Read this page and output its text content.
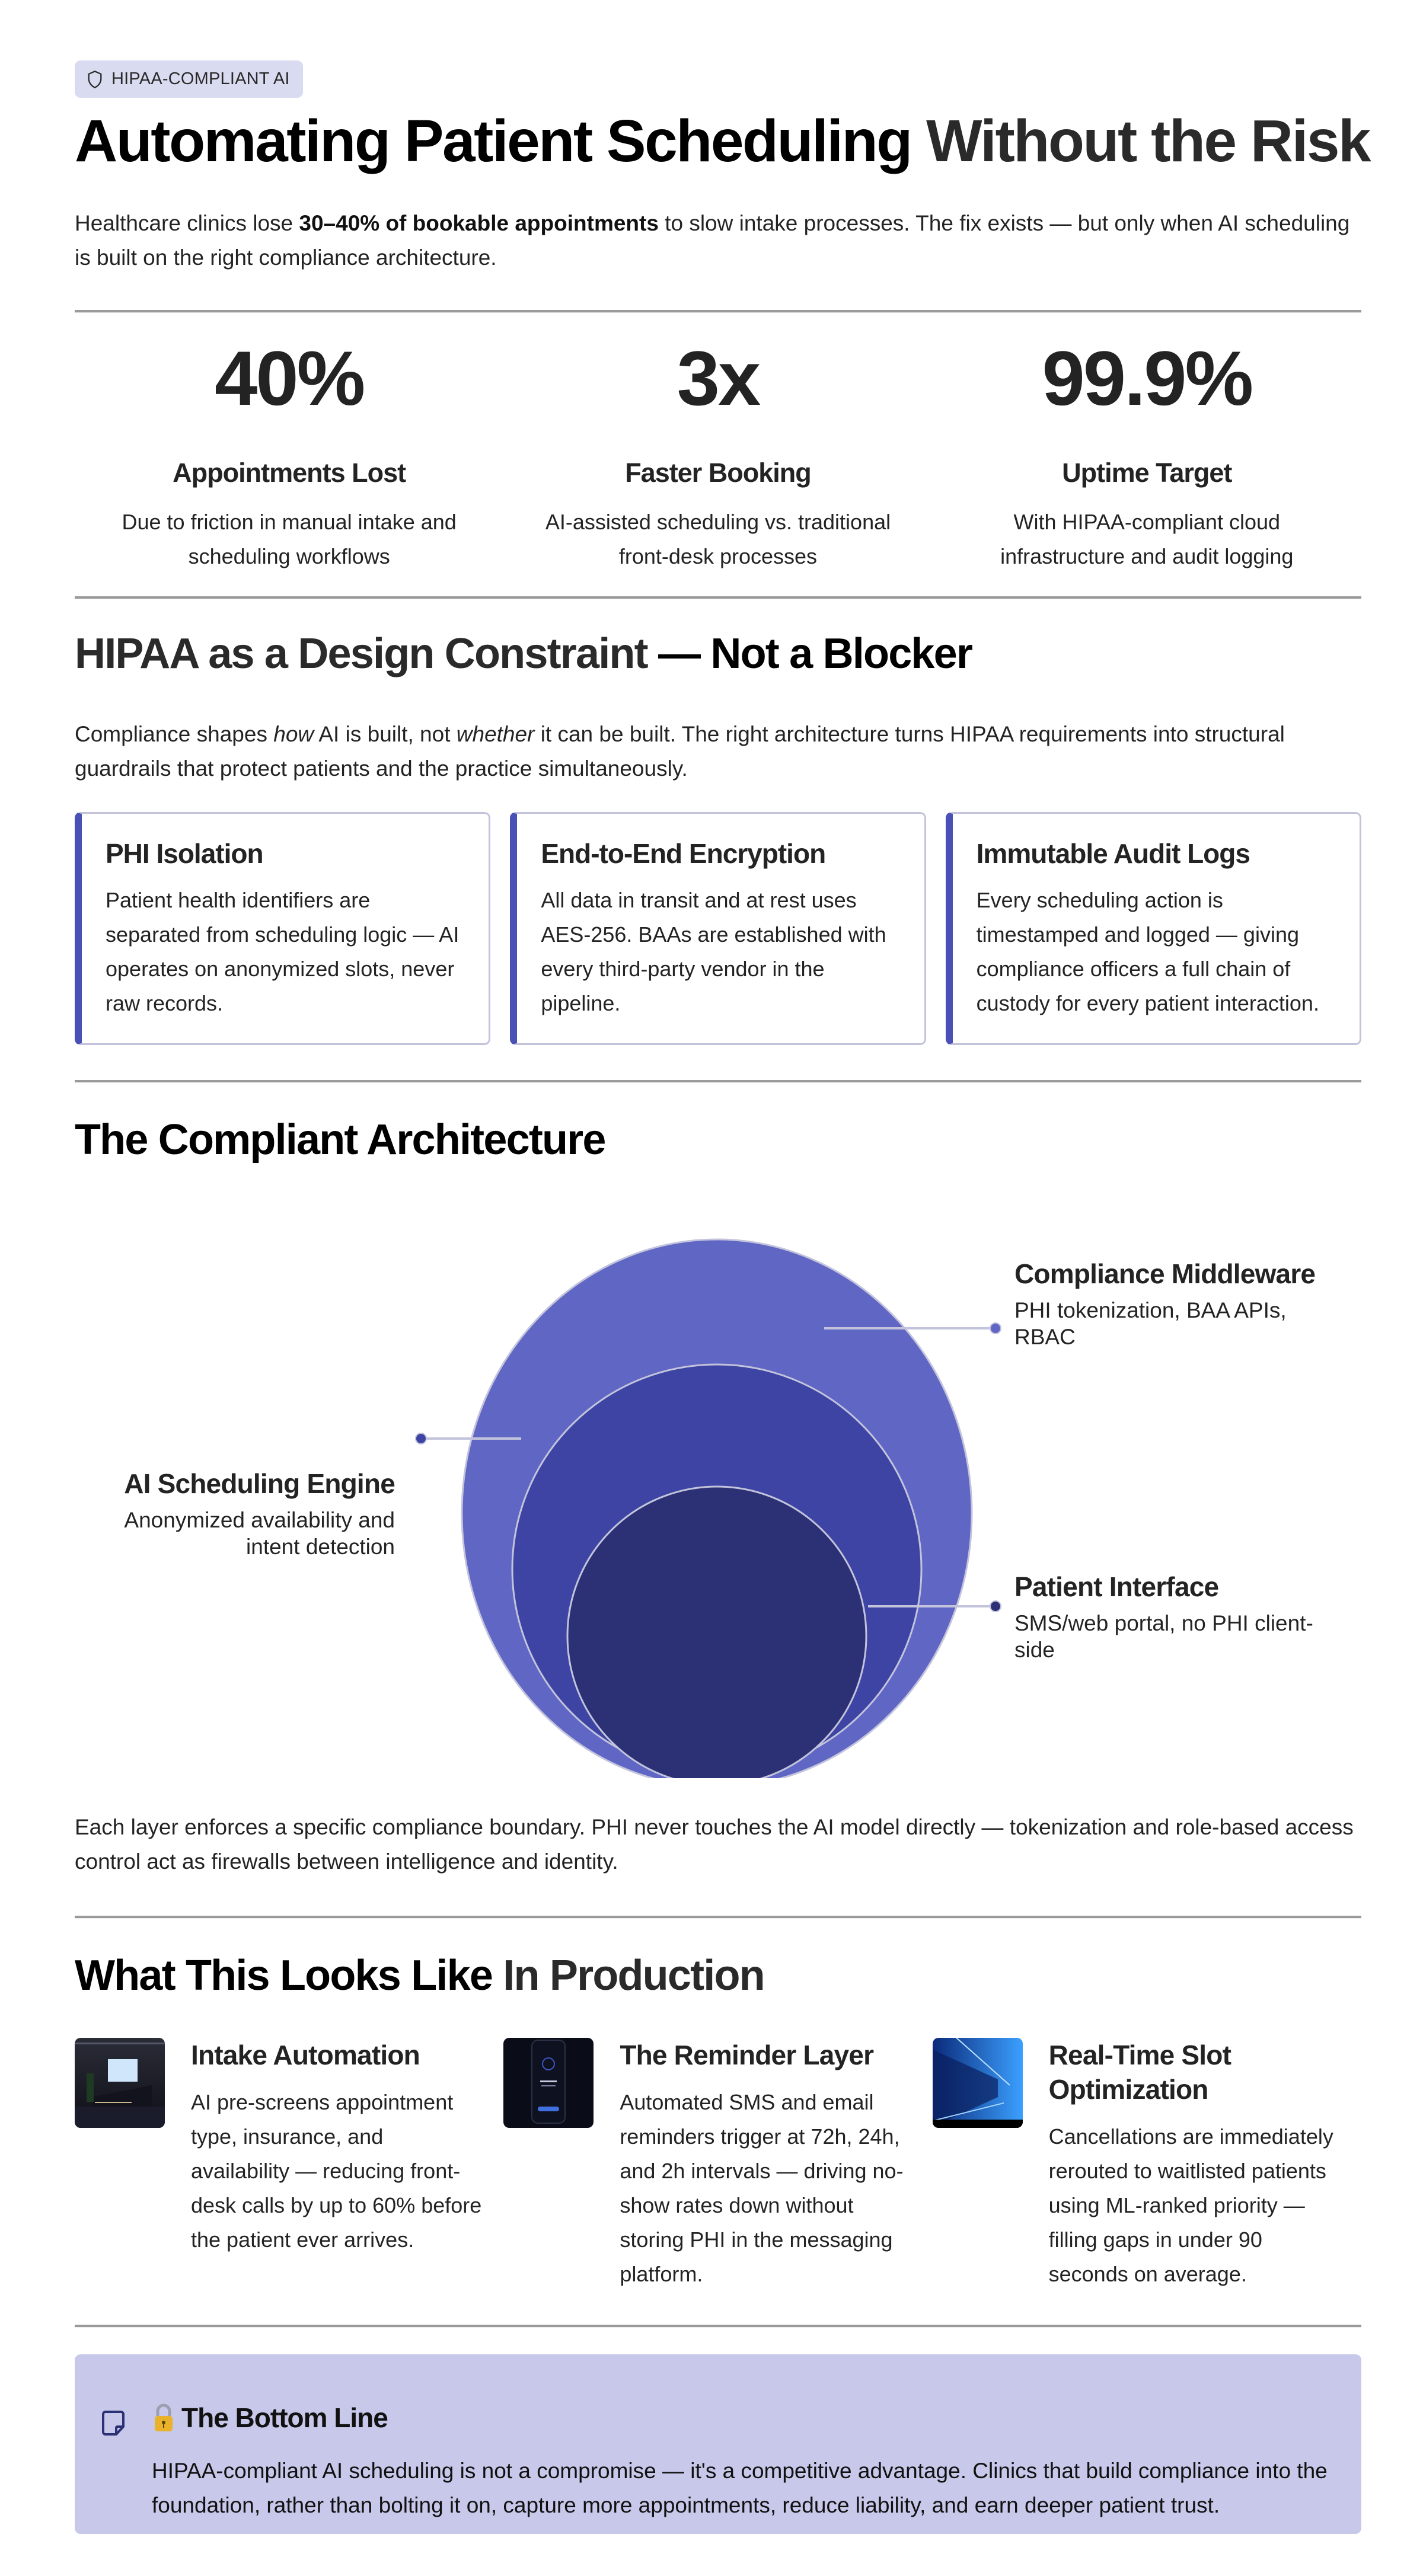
HIPAA-COMPLIANT AI
Automating Patient Scheduling Without the Risk

Healthcare clinics lose 30–40% of bookable appointments to slow intake processes. The fix exists — but only when AI scheduling is built on the right compliance architecture.

40%
Appointments Lost
Due to friction in manual intake and scheduling workflows
3x
Faster Booking
AI-assisted scheduling vs. traditional front-desk processes
99.9%
Uptime Target
With HIPAA-compliant cloud infrastructure and audit logging
HIPAA as a Design Constraint — Not a Blocker

Compliance shapes how AI is built, not whether it can be built. The right architecture turns HIPAA requirements into structural guardrails that protect patients and the practice simultaneously.

PHI Isolation
Patient health identifiers are separated from scheduling logic — AI operates on anonymized slots, never raw records.
End-to-End Encryption
All data in transit and at rest uses AES-256. BAAs are established with every third-party vendor in the pipeline.
Immutable Audit Logs
Every scheduling action is timestamped and logged — giving compliance officers a full chain of custody for every patient interaction.
The Compliant Architecture
Compliance Middleware
PHI tokenization, BAA APIs, RBAC
AI Scheduling Engine
Anonymized availability and intent detection
Patient Interface
SMS/web portal, no PHI client-side

Each layer enforces a specific compliance boundary. PHI never touches the AI model directly — tokenization and role-based access control act as firewalls between intelligence and identity.

What This Looks Like In Production
Intake Automation
AI pre-screens appointment type, insurance, and availability — reducing front-desk calls by up to 60% before the patient ever arrives.
The Reminder Layer
Automated SMS and email reminders trigger at 72h, 24h, and 2h intervals — driving no-show rates down without storing PHI in the messaging platform.
Real-Time Slot Optimization
Cancellations are immediately rerouted to waitlisted patients using ML-ranked priority — filling gaps in under 90 seconds on average.
The Bottom Line

HIPAA-compliant AI scheduling is not a compromise — it's a competitive advantage. Clinics that build compliance into the foundation, rather than bolting it on, capture more appointments, reduce liability, and earn deeper patient trust.
